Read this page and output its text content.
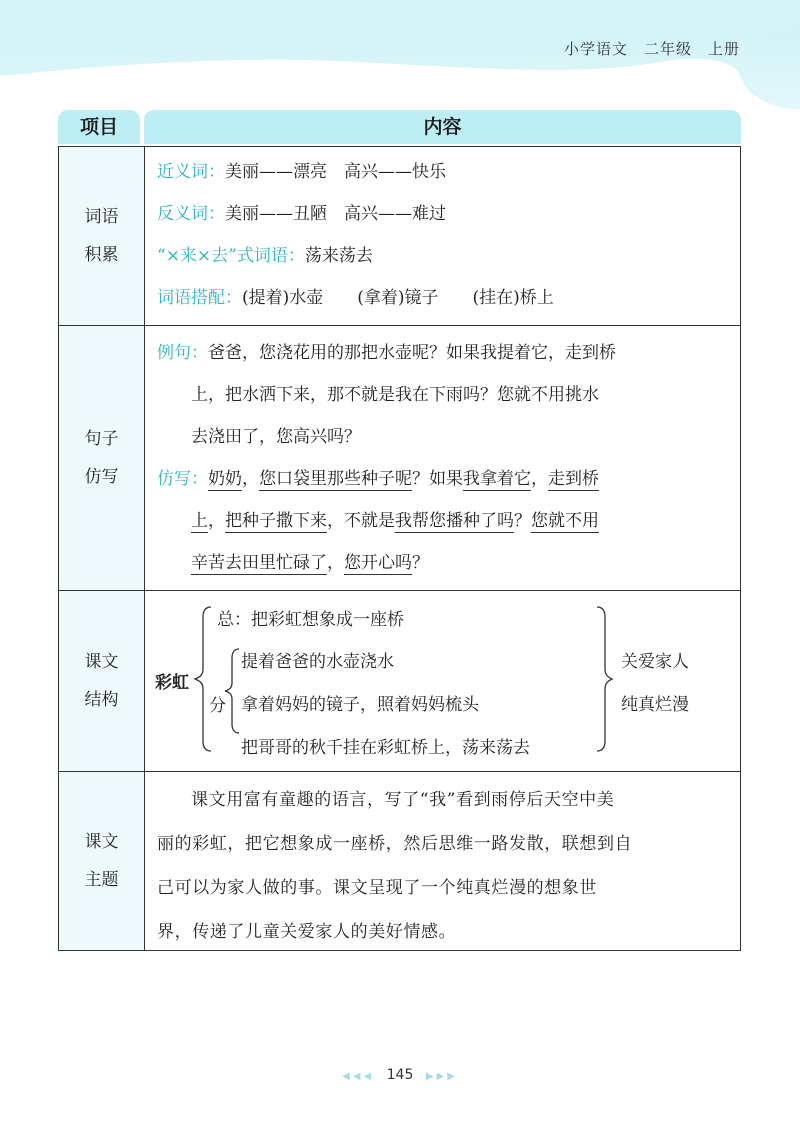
小学语文　二年级　上册
项目	内容
词语
积累
近义词：美丽——漂亮　高兴——快乐
反义词：美丽——丑陋　高兴——难过
“×来×去”式词语：荡来荡去
词语搭配：(提着)水壶　　(拿着)镜子　　(挂在)桥上
句子
仿写
例句：爸爸，您浇花用的那把水壶呢？如果我提着它，走到桥
上，把水洒下来，那不就是我在下雨吗？您就不用挑水
去浇田了，您高兴吗？
仿写：奶奶，您口袋里那些种子呢？如果我拿着它，走到桥
上，把种子撒下来，不就是我帮您播种了吗？您就不用
辛苦去田里忙碌了，您开心吗？
课文
结构
彩虹
总：把彩虹想象成一座桥
分
提着爸爸的水壶浇水
拿着妈妈的镜子，照着妈妈梳头
把哥哥的秋千挂在彩虹桥上，荡来荡去
关爱家人
纯真烂漫
课文
主题
课文用富有童趣的语言，写了“我”看到雨停后天空中美
丽的彩虹，把它想象成一座桥，然后思维一路发散，联想到自
己可以为家人做的事。课文呈现了一个纯真烂漫的想象世
界，传递了儿童关爱家人的美好情感。
◀◀◀ 145 ▶▶▶
